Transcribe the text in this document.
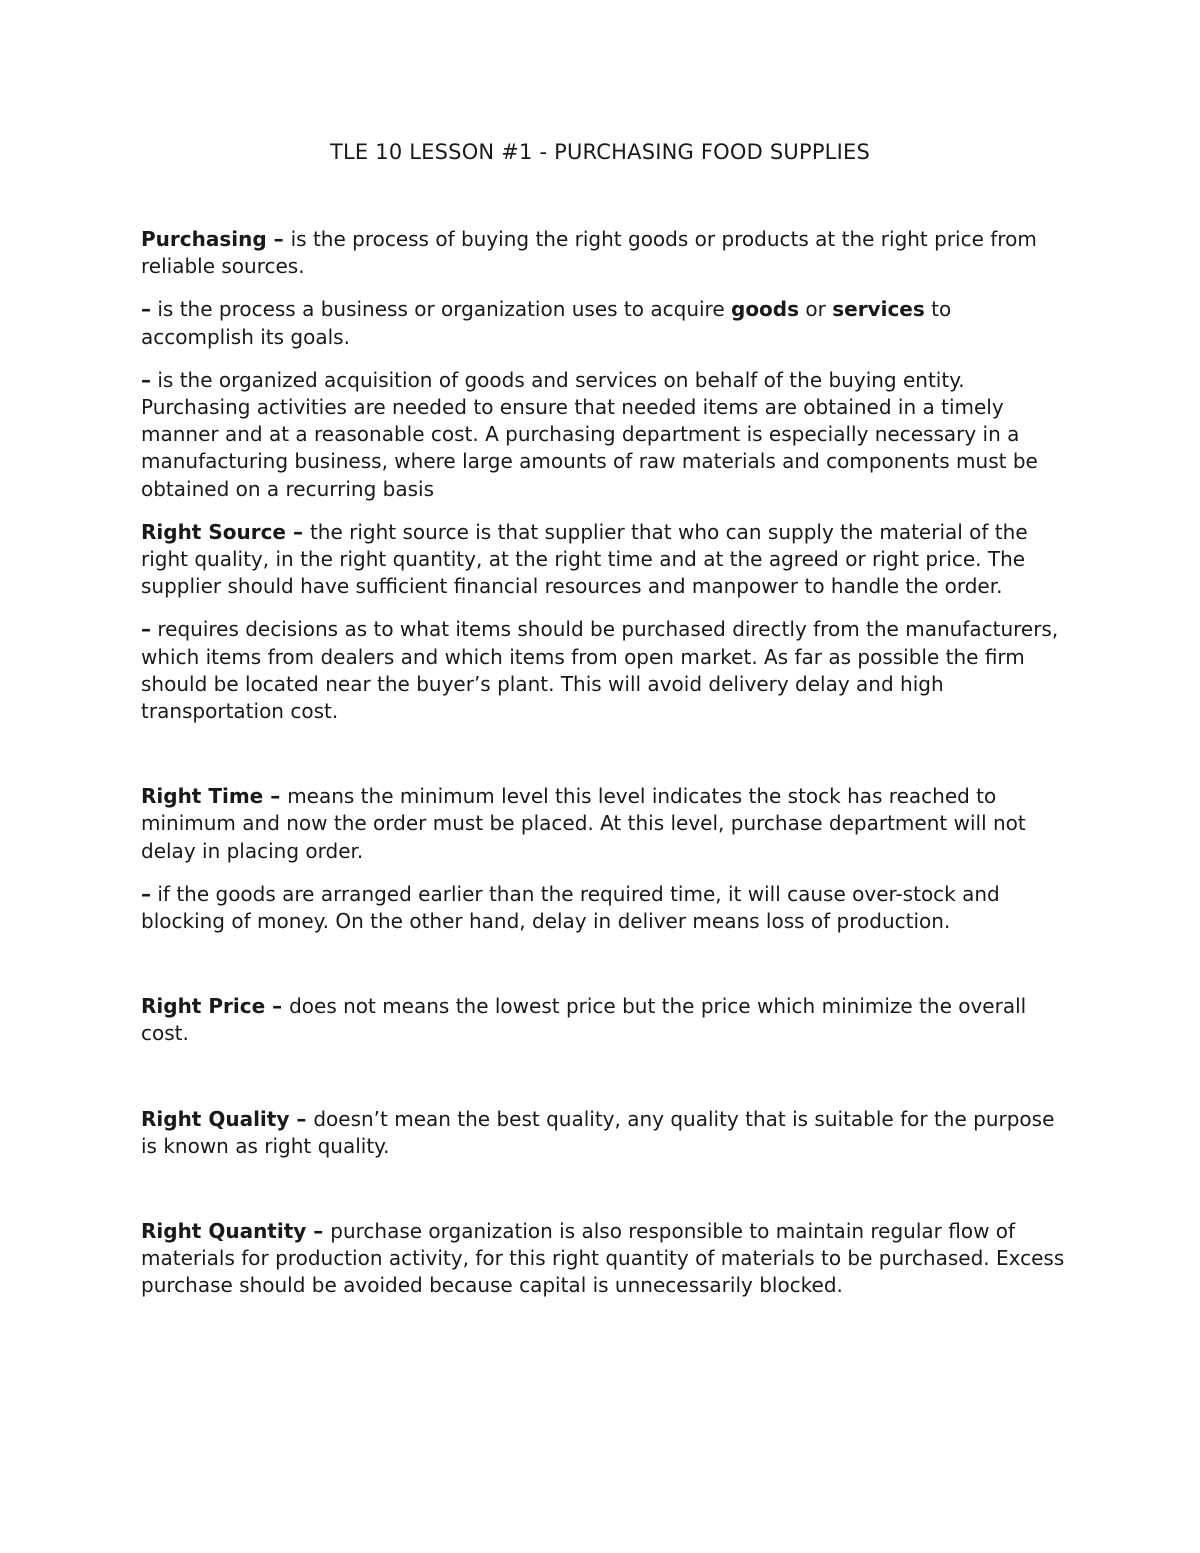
TLE 10 LESSON #1 - PURCHASING FOOD SUPPLIES

Purchasing – is the process of buying the right goods or products at the right price from reliable sources.

– is the process a business or organization uses to acquire goods or services to accomplish its goals.

– is the organized acquisition of goods and services on behalf of the buying entity. Purchasing activities are needed to ensure that needed items are obtained in a timely manner and at a reasonable cost. A purchasing department is especially necessary in a manufacturing business, where large amounts of raw materials and components must be obtained on a recurring basis

Right Source – the right source is that supplier that who can supply the material of the right quality, in the right quantity, at the right time and at the agreed or right price. The supplier should have sufficient financial resources and manpower to handle the order.

– requires decisions as to what items should be purchased directly from the manufacturers, which items from dealers and which items from open market. As far as possible the firm should be located near the buyer’s plant. This will avoid delivery delay and high transportation cost.

Right Time – means the minimum level this level indicates the stock has reached to minimum and now the order must be placed. At this level, purchase department will not delay in placing order.

– if the goods are arranged earlier than the required time, it will cause over-stock and blocking of money. On the other hand, delay in deliver means loss of production.

Right Price – does not means the lowest price but the price which minimize the overall cost.

Right Quality – doesn’t mean the best quality, any quality that is suitable for the purpose is known as right quality.

Right Quantity – purchase organization is also responsible to maintain regular flow of materials for production activity, for this right quantity of materials to be purchased. Excess purchase should be avoided because capital is unnecessarily blocked.
